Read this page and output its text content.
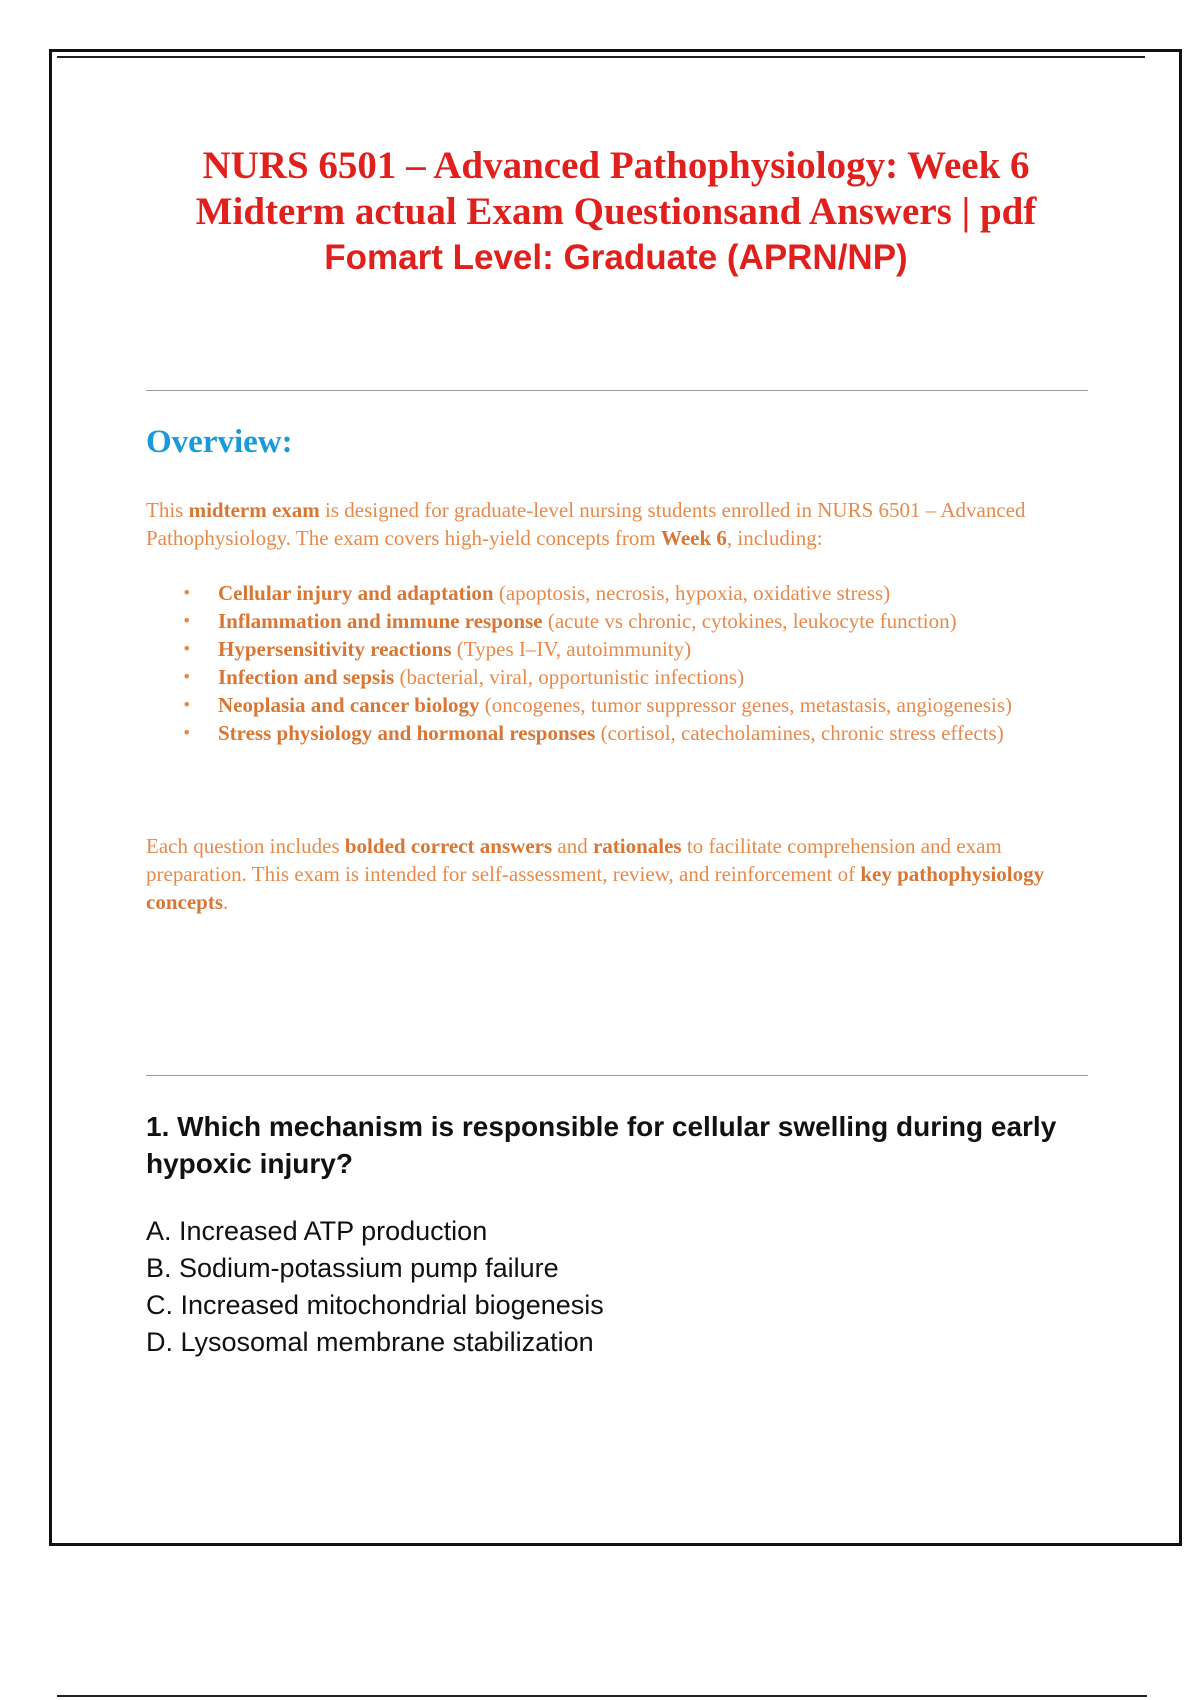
NURS 6501 – Advanced Pathophysiology: Week 6
Midterm actual Exam Questionsand Answers | pdf
Fomart Level: Graduate (APRN/NP)
Overview:

This midterm exam is designed for graduate-level nursing students enrolled in NURS 6501 – Advanced Pathophysiology. The exam covers high-yield concepts from Week 6, including:

• Cellular injury and adaptation (apoptosis, necrosis, hypoxia, oxidative stress)
• Inflammation and immune response (acute vs chronic, cytokines, leukocyte function)
• Hypersensitivity reactions (Types I–IV, autoimmunity)
• Infection and sepsis (bacterial, viral, opportunistic infections)
• Neoplasia and cancer biology (oncogenes, tumor suppressor genes, metastasis, angiogenesis)
• Stress physiology and hormonal responses (cortisol, catecholamines, chronic stress effects)

Each question includes bolded correct answers and rationales to facilitate comprehension and exam preparation. This exam is intended for self-assessment, review, and reinforcement of key pathophysiology concepts.

1. Which mechanism is responsible for cellular swelling during early hypoxic injury?

A. Increased ATP production
B. Sodium-potassium pump failure
C. Increased mitochondrial biogenesis
D. Lysosomal membrane stabilization
